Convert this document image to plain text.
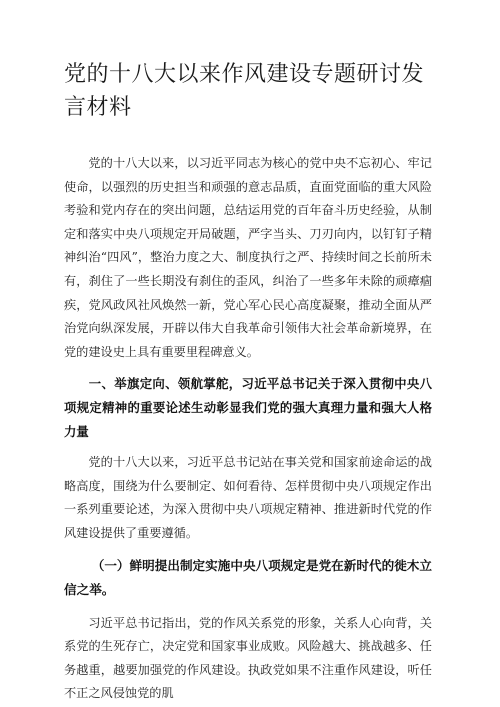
党的十八大以来作风建设专题研讨发言材料

党的十八大以来，以习近平同志为核心的党中央不忘初心、牢记使命，以强烈的历史担当和顽强的意志品质，直面党面临的重大风险考验和党内存在的突出问题，总结运用党的百年奋斗历史经验，从制定和落实中央八项规定开局破题，严字当头、刀刃向内，以钉钉子精神纠治“四风”，整治力度之大、制度执行之严、持续时间之长前所未有，刹住了一些长期没有刹住的歪风，纠治了一些多年未除的顽瘴痼疾，党风政风社风焕然一新，党心军心民心高度凝聚，推动全面从严治党向纵深发展，开辟以伟大自我革命引领伟大社会革命新境界，在党的建设史上具有重要里程碑意义。

一、举旗定向、领航掌舵，习近平总书记关于深入贯彻中央八项规定精神的重要论述生动彰显我们党的强大真理力量和强大人格力量

党的十八大以来，习近平总书记站在事关党和国家前途命运的战略高度，围绕为什么要制定、如何看待、怎样贯彻中央八项规定作出一系列重要论述，为深入贯彻中央八项规定精神、推进新时代党的作风建设提供了重要遵循。

（一）鲜明提出制定实施中央八项规定是党在新时代的徙木立信之举。

习近平总书记指出，党的作风关系党的形象，关系人心向背，关系党的生死存亡，决定党和国家事业成败。风险越大、挑战越多、任务越重，越要加强党的作风建设。执政党如果不注重作风建设，听任不正之风侵蚀党的肌
